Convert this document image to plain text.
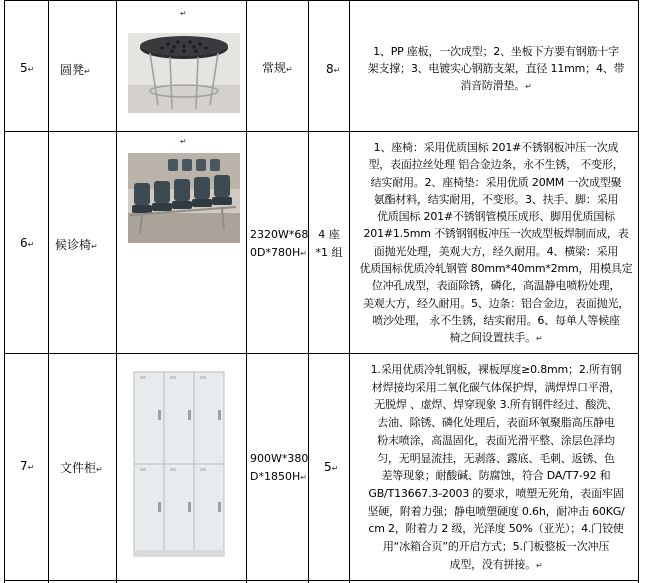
5↵	圆凳↵
↵
常规↵	8↵
1、PP 座板，一次成型；2、坐板下方要有钢筋十字
架支撑；3、电镀实心钢筋支架，直径 11mm；4、带
消音防滑垫。↵
6↵	候诊椅↵
↵
2320W*68
0D*780H↵
4 座
*1 组
1、座椅：采用优质国标 201#不锈钢板冲压一次成
型，表面拉丝处理 铝合金边条，永不生锈， 不变形，
结实耐用。2、座椅垫：采用优质 20MM 一次成型聚
氨酯材料，结实耐用，不变形。3、扶手、脚：采用
优质国标 201#不锈钢管模压成形、脚用优质国标
201#1.5mm 不锈钢钢板冲压一次成型板焊制而成，表
面抛光处理，美观大方，经久耐用。4、横梁：采用
优质国标优质冷轧钢管 80mm*40mm*2mm，用模具定
位冲孔成型，表面除锈，磷化，高温静电喷粉处理，
美观大方，经久耐用。5、边条：铝合金边，表面抛光，
喷沙处理， 永不生锈，结实耐用。6、每单人等候座
椅之间设置扶手。↵
7↵	文件柜↵
900W*380
D*1850H↵
5↵
1.采用优质冷轧钢板，裸板厚度≥0.8mm；2.所有钢
材焊接均采用二氧化碳气体保护焊，满焊焊口平滑，
无脱焊 、虚焊、焊穿现象 3.所有钢件经过、酸洗、
去油、除锈、磷化处理后，表面环氧聚脂高压静电
粉末喷涂，高温固化，表面光滑平整、涂层色泽均
匀，无明显流挂，无剥落、露底、毛刺、返锈、色
差等现象；耐酸碱、防腐蚀，符合 DA/T7-92 和
GB/T13667.3-2003 的要求，喷塑无死角，表面牢固
坚硬，附着力强；静电喷塑硬度 0.6h，耐冲击 60KG/
cm 2，附着力 2 级，光泽度 50%（亚光）；4.门铰使
用“冰箱合页”的开启方式；5.门板整板一次冲压
成型，没有拼接。↵
